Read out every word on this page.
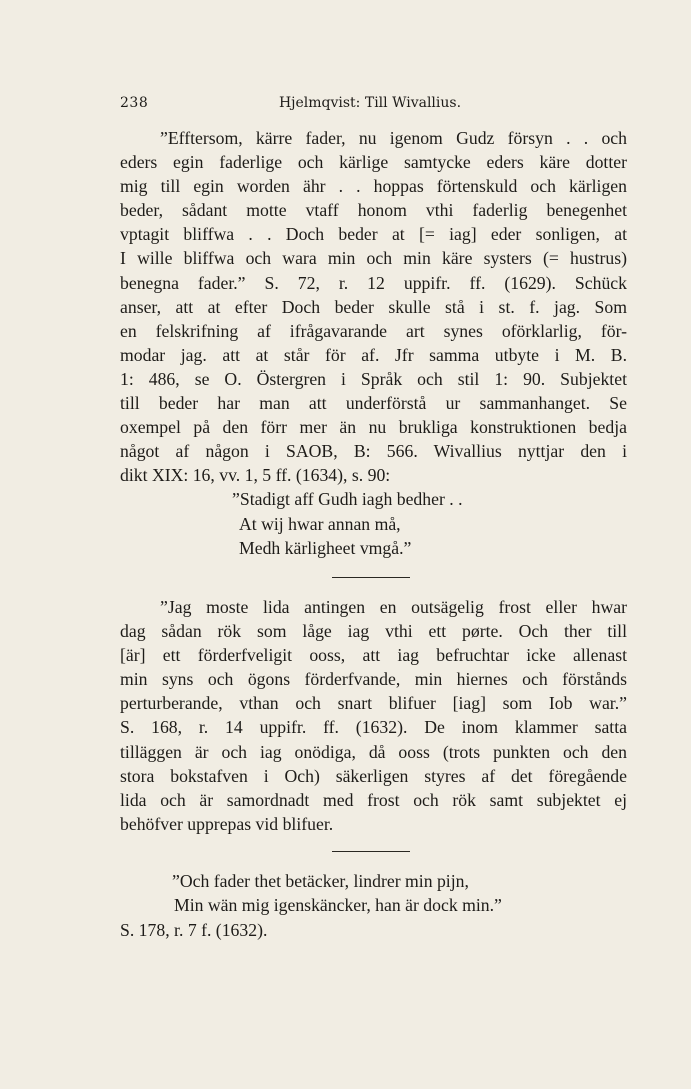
238	Hjelmqvist: Till Wivallius.

”Efftersom, kärre fader, nu igenom Gudz försyn . . och
eders egin faderlige och kärlige samtycke eders käre dotter
mig till egin worden ähr . . hoppas förtenskuld och kärligen
beder, sådant motte vtaff honom vthi faderlig benegenhet
vptagit bliffwa . . Doch beder at [= iag] eder sonligen, at
I wille bliffwa och wara min och min käre systers (= hustrus)
benegna fader.” S. 72, r. 12 uppifr. ff. (1629). Schück
anser, att at efter Doch beder skulle stå i st. f. jag. Som
en felskrifning af ifrågavarande art synes oförklarlig, för-
modar jag. att at står för af. Jfr samma utbyte i M. B.
1: 486, se O. Östergren i Språk och stil 1: 90. Subjektet
till beder har man att underförstå ur sammanhanget. Se
oxempel på den förr mer än nu brukliga konstruktionen bedja
något af någon i SAOB, B: 566. Wivallius nyttjar den i
dikt XIX: 16, vv. 1, 5 ff. (1634), s. 90:

”Stadigt aff Gudh iagh bedher . .
At wij hwar annan må,
Medh kärligheet vmgå.”

”Jag moste lida antingen en outsägelig frost eller hwar
dag sådan rök som låge iag vthi ett pørte. Och ther till
[är] ett förderfveligit ooss, att iag befruchtar icke allenast
min syns och ögons förderfvande, min hiernes och förstånds
perturberande, vthan och snart blifuer [iag] som Iob war.”
S. 168, r. 14 uppifr. ff. (1632). De inom klammer satta
tilläggen är och iag onödiga, då ooss (trots punkten och den
stora bokstafven i Och) säkerligen styres af det föregående
lida och är samordnadt med frost och rök samt subjektet ej
behöfver upprepas vid blifuer.

”Och fader thet betäcker, lindrer min pijn,
Min wän mig igenskäncker, han är dock min.”
S. 178, r. 7 f. (1632).
